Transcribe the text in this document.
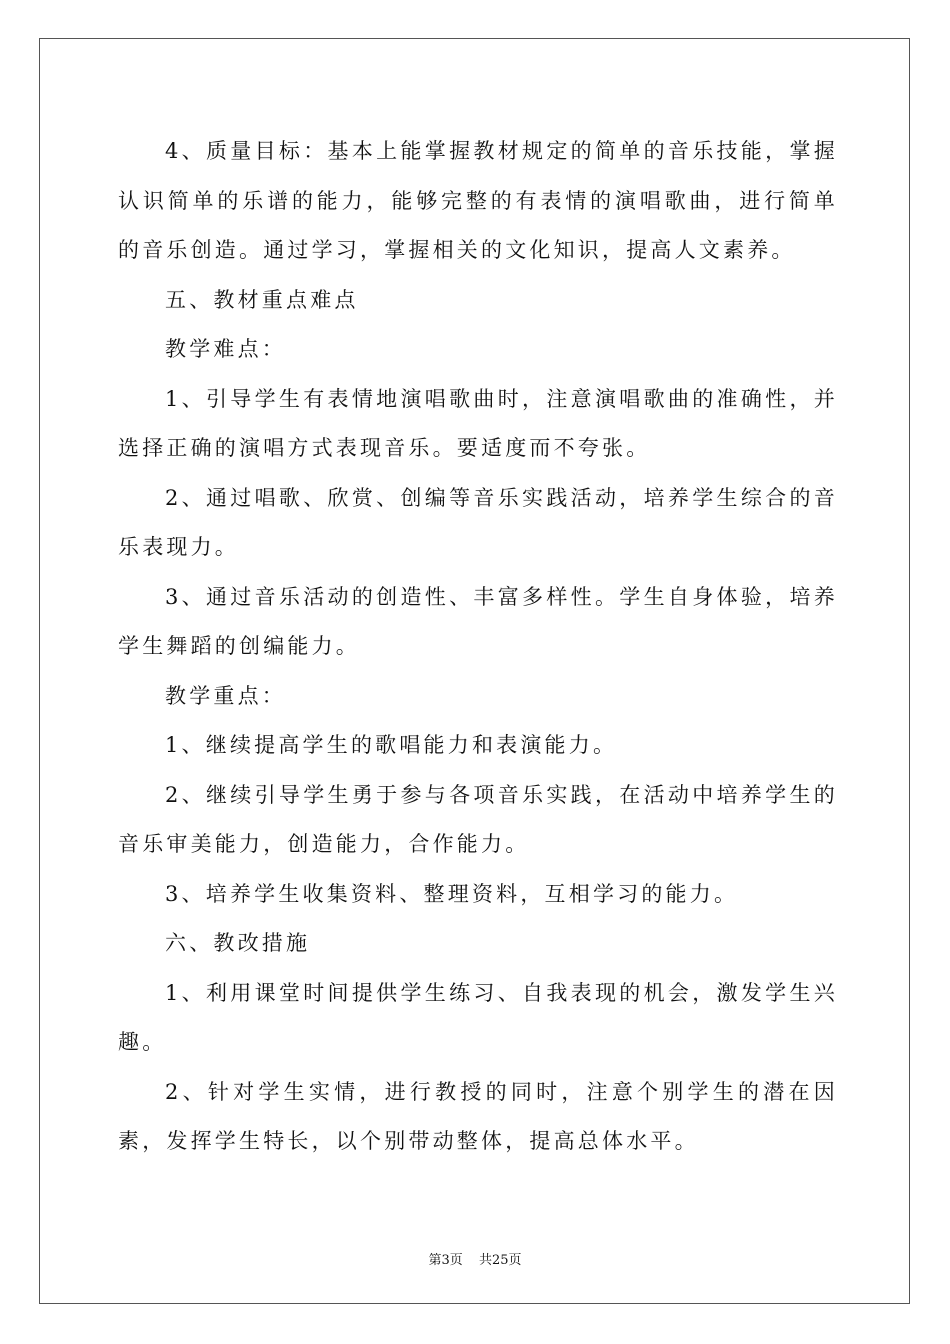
4、质量目标：基本上能掌握教材规定的简单的音乐技能，掌握认识简单的乐谱的能力，能够完整的有表情的演唱歌曲，进行简单的音乐创造。通过学习，掌握相关的文化知识，提高人文素养。

五、教材重点难点

教学难点：

1、引导学生有表情地演唱歌曲时，注意演唱歌曲的准确性，并选择正确的演唱方式表现音乐。要适度而不夸张。

2、通过唱歌、欣赏、创编等音乐实践活动，培养学生综合的音乐表现力。

3、通过音乐活动的创造性、丰富多样性。学生自身体验，培养学生舞蹈的创编能力。

教学重点：

1、继续提高学生的歌唱能力和表演能力。

2、继续引导学生勇于参与各项音乐实践，在活动中培养学生的音乐审美能力，创造能力，合作能力。

3、培养学生收集资料、整理资料，互相学习的能力。

六、教改措施

1、利用课堂时间提供学生练习、自我表现的机会，激发学生兴趣。

2、针对学生实情，进行教授的同时，注意个别学生的潜在因素，发挥学生特长，以个别带动整体，提高总体水平。

第3页 共25页
